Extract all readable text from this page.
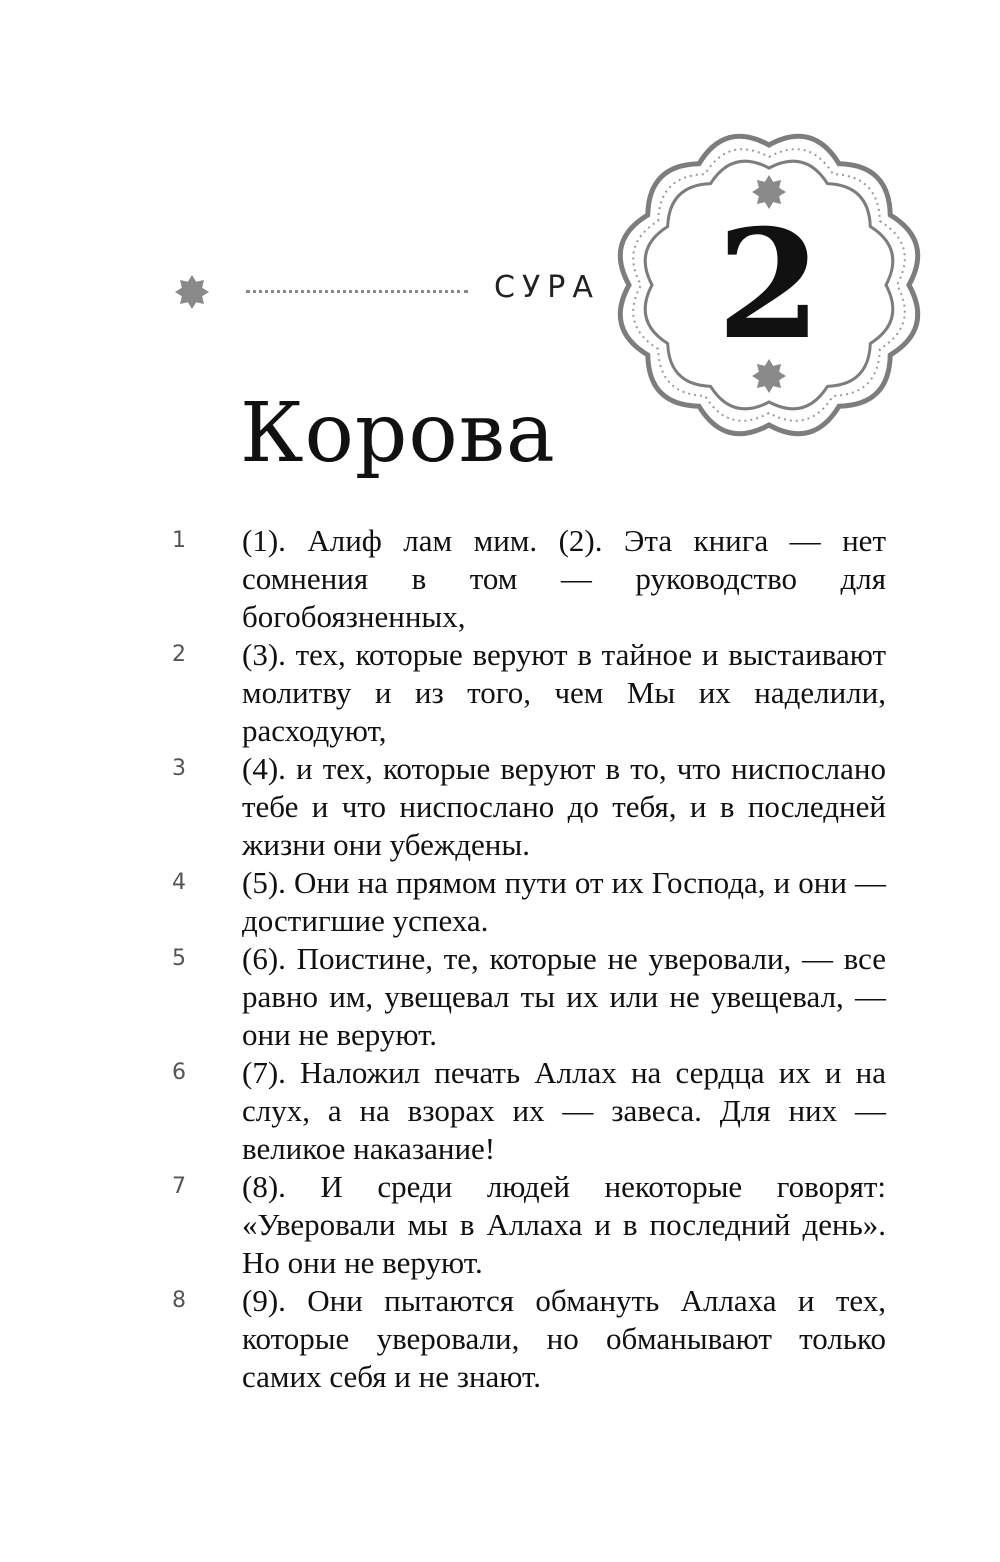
СУРА 2
Корова
1 (1). Алиф лам мим. (2). Эта книга — нет сомнения в том — руководство для богобоязненных,
2 (3). тех, которые веруют в тайное и выстаивают молитву и из того, чем Мы их наделили, расходуют,
3 (4). и тех, которые веруют в то, что ниспослано тебе и что ниспослано до тебя, и в последней жизни они убеждены.
4 (5). Они на прямом пути от их Господа, и они — достигшие успеха.
5 (6). Поистине, те, которые не уверовали, — все равно им, увещевал ты их или не увещевал, — они не веруют.
6 (7). Наложил печать Аллах на сердца их и на слух, а на взорах их — завеса. Для них — великое наказание!
7 (8). И среди людей некоторые говорят: «Уверовали мы в Аллаха и в последний день». Но они не веруют.
8 (9). Они пытаются обмануть Аллаха и тех, которые уверовали, но обманывают только самих себя и не знают.
